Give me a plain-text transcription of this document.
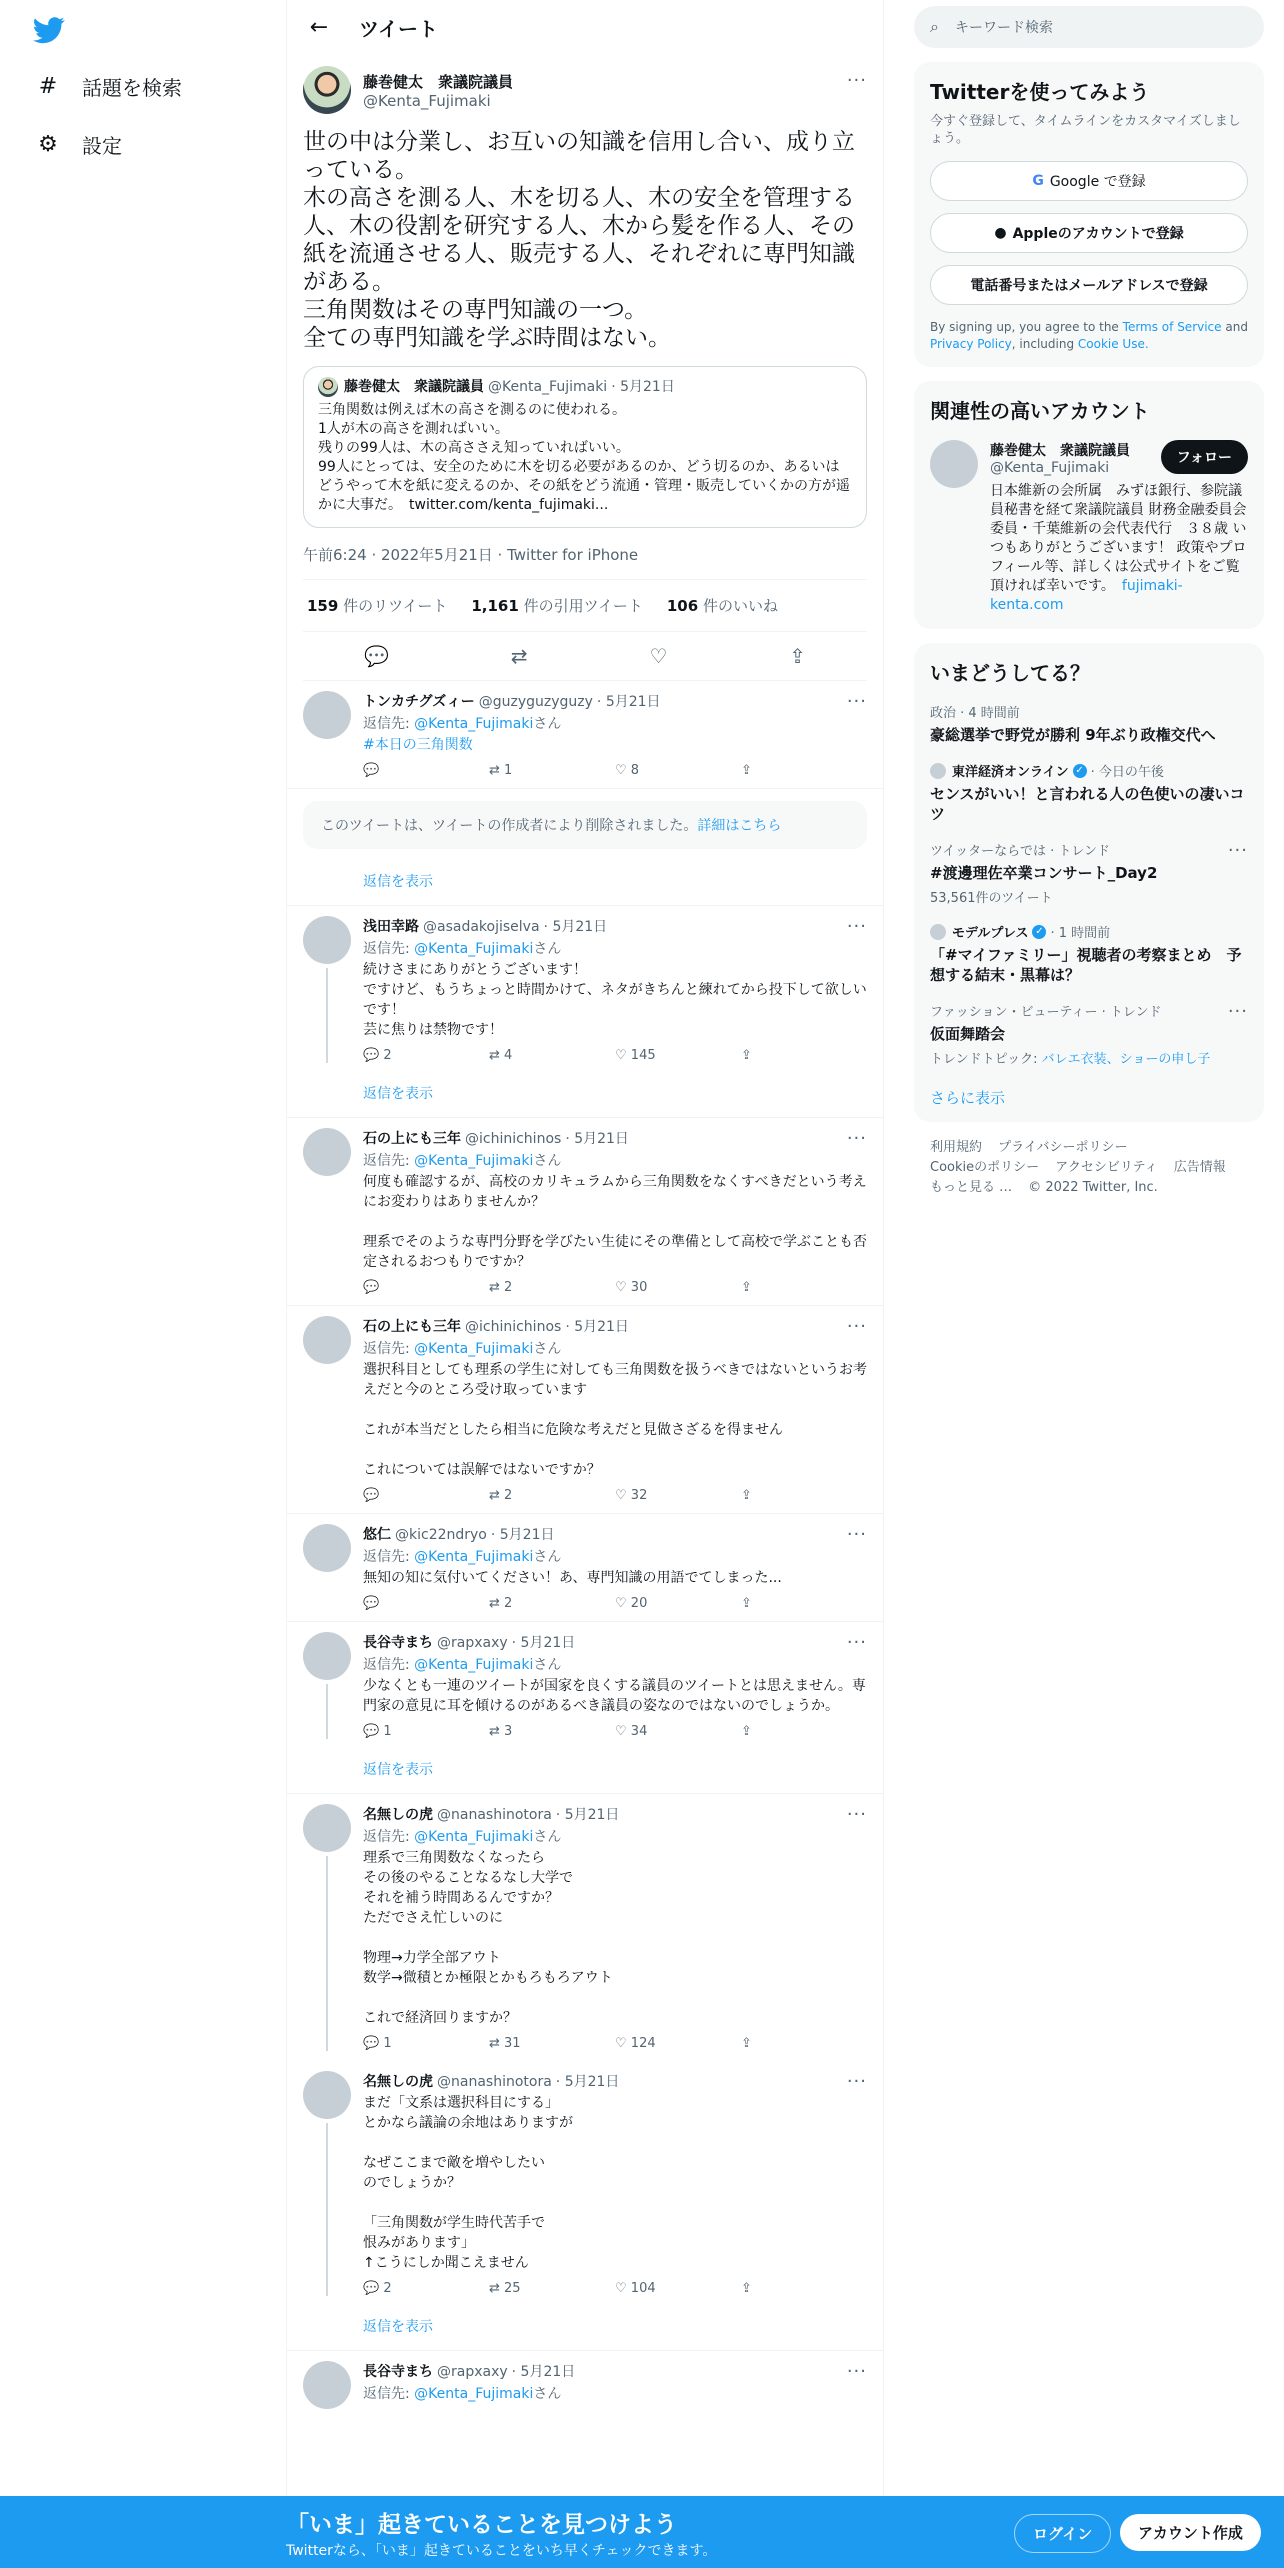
# 話題を検索
⚙ 設定
←	ツイート
藤巻健太　衆議院議員
@Kenta_Fujimaki
···
世の中は分業し、お互いの知識を信用し合い、成り立っている。
木の高さを測る人、木を切る人、木の安全を管理する人、木の役割を研究する人、木から髪を作る人、その紙を流通させる人、販売する人、それぞれに専門知識がある。
三角関数はその専門知識の一つ。
全ての専門知識を学ぶ時間はない。
藤巻健太　衆議院議員 @Kenta_Fujimaki · 5月21日
三角関数は例えば木の高さを測るのに使われる。
1人が木の高さを測ればいい。
残りの99人は、木の高ささえ知っていればいい。
99人にとっては、安全のために木を切る必要があるのか、どう切るのか、あるいはどうやって木を紙に変えるのか、その紙をどう流通・管理・販売していくかの方が遥かに大事だ。　 twitter.com/kenta_fujimaki...
午前6:24 · 2022年5月21日 · Twitter for iPhone
159 件のリツイート 1,161 件の引用ツイート 106 件のいいね
💬	⇄	♡	⇪
トンカチグズィー @guzyguzyguzy · 5月21日
返信先: @Kenta_Fujimakiさん
#本日の三角関数
💬	⇄ 1	♡ 8	⇪
···
このツイートは、ツイートの作成者により削除されました。詳細はこちら
返信を表示
浅田幸路 @asadakojiselva · 5月21日
返信先: @Kenta_Fujimakiさん
続けさまにありがとうございます！
ですけど、もうちょっと時間かけて、ネタがきちんと練れてから投下して欲しいです！
芸に焦りは禁物です！
💬 2	⇄ 4	♡ 145	⇪
···
返信を表示
石の上にも三年 @ichinichinos · 5月21日
返信先: @Kenta_Fujimakiさん
何度も確認するが、高校のカリキュラムから三角関数をなくすべきだという考えにお変わりはありませんか？

理系でそのような専門分野を学びたい生徒にその準備として高校で学ぶことも否定されるおつもりですか？
💬	⇄ 2	♡ 30	⇪
···
石の上にも三年 @ichinichinos · 5月21日
返信先: @Kenta_Fujimakiさん
選択科目としても理系の学生に対しても三角関数を扱うべきではないというお考えだと今のところ受け取っています

これが本当だとしたら相当に危険な考えだと見做さざるを得ません

これについては誤解ではないですか？
💬	⇄ 2	♡ 32	⇪
···
悠仁 @kic22ndryo · 5月21日
返信先: @Kenta_Fujimakiさん
無知の知に気付いてください！あ、専門知識の用語でてしまった...
💬	⇄ 2	♡ 20	⇪
···
長谷寺まち @rapxaxy · 5月21日
返信先: @Kenta_Fujimakiさん
少なくとも一連のツイートが国家を良くする議員のツイートとは思えません。専門家の意見に耳を傾けるのがあるべき議員の姿なのではないのでしょうか。
💬 1	⇄ 3	♡ 34	⇪
···
返信を表示
名無しの虎 @nanashinotora · 5月21日
返信先: @Kenta_Fujimakiさん
理系で三角関数なくなったら
その後のやることなるなし大学で
それを補う時間あるんですか？
ただでさえ忙しいのに

物理→力学全部アウト
数学→微積とか極限とかもろもろアウト

これで経済回りますか？
💬 1	⇄ 31	♡ 124	⇪
···
名無しの虎 @nanashinotora · 5月21日
まだ「文系は選択科目にする」
とかなら議論の余地はありますが

なぜここまで敵を増やしたい
のでしょうか？

「三角関数が学生時代苦手で
恨みがあります」
↑こうにしか聞こえません
💬 2	⇄ 25	♡ 104	⇪
···
返信を表示
長谷寺まち @rapxaxy · 5月21日
返信先: @Kenta_Fujimakiさん
···
⌕ キーワード検索
Twitterを使ってみよう
今すぐ登録して、タイムラインをカスタマイズしましょう。
G Google で登録
● Appleのアカウントで登録
電話番号またはメールアドレスで登録
By signing up, you agree to the Terms of Service and Privacy Policy, including Cookie Use.
関連性の高いアカウント
藤巻健太　衆議院議員
@Kenta_Fujimaki
日本維新の会所属　みずほ銀行、参院議員秘書を経て衆議院議員 財務金融委員会委員・千葉維新の会代表代行　３８歳 いつもありがとうございます！ 政策やプロフィール等、詳しくは公式サイトをご覧頂ければ幸いです。　 fujimaki-kenta.com
フォロー
いまどうしてる？
政治 · 4 時間前
豪総選挙で野党が勝利 9年ぶり政権交代へ
東洋経済オンライン ✓ · 今日の午後
センスがいい！と言われる人の色使いの凄いコツ
ツイッターならでは · トレンド
#渡邊理佐卒業コンサート_Day2
53,561件のツイート
···
モデルプレス ✓ · 1 時間前
「#マイファミリー」視聴者の考察まとめ　予想する結末・黒幕は？
ファッション・ビューティー · トレンド
仮面舞踏会
トレンドトピック: バレエ衣装、ショーの申し子
···
さらに表示
利用規約 プライバシーポリシー Cookieのポリシー アクセシビリティ 広告情報 もっと見る … © 2022 Twitter, Inc.
「いま」起きていることを見つけよう
Twitterなら、「いま」起きていることをいち早くチェックできます。
ログイン	アカウント作成
